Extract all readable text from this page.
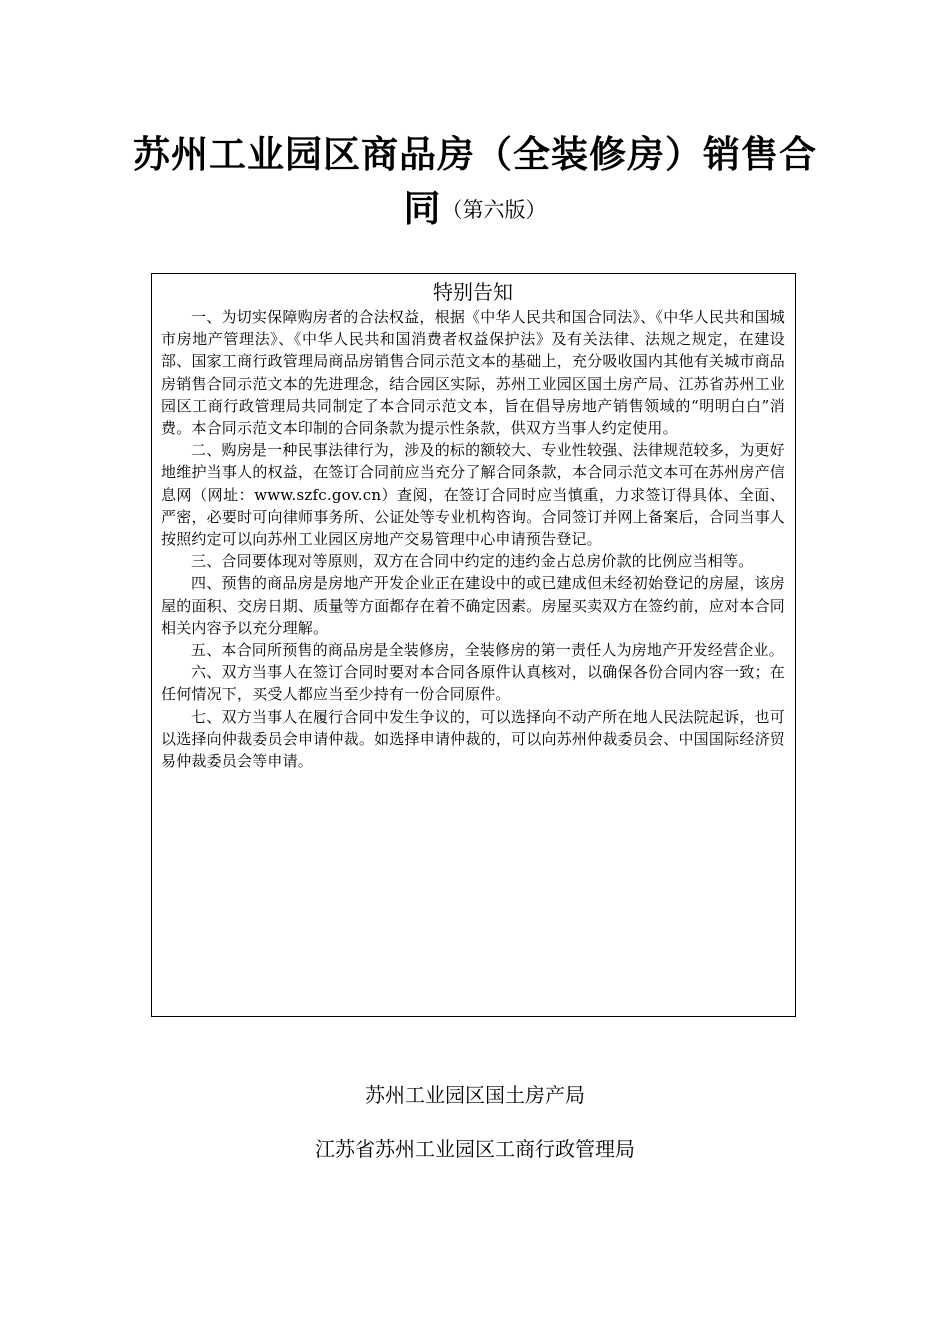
苏州工业园区商品房（全装修房）销售合
同（第六版）
特别告知

一、为切实保障购房者的合法权益，根据《中华人民共和国合同法》、《中华人民共和国城市房地产管理法》、《中华人民共和国消费者权益保护法》及有关法律、法规之规定，在建设部、国家工商行政管理局商品房销售合同示范文本的基础上，充分吸收国内其他有关城市商品房销售合同示范文本的先进理念，结合园区实际，苏州工业园区国土房产局、江苏省苏州工业园区工商行政管理局共同制定了本合同示范文本，旨在倡导房地产销售领域的“明明白白”消费。本合同示范文本印制的合同条款为提示性条款，供双方当事人约定使用。

二、购房是一种民事法律行为，涉及的标的额较大、专业性较强、法律规范较多，为更好地维护当事人的权益，在签订合同前应当充分了解合同条款，本合同示范文本可在苏州房产信息网（网址：www.szfc.gov.cn）查阅，在签订合同时应当慎重，力求签订得具体、全面、严密，必要时可向律师事务所、公证处等专业机构咨询。合同签订并网上备案后，合同当事人按照约定可以向苏州工业园区房地产交易管理中心申请预告登记。

三、合同要体现对等原则，双方在合同中约定的违约金占总房价款的比例应当相等。

四、预售的商品房是房地产开发企业正在建设中的或已建成但未经初始登记的房屋，该房屋的面积、交房日期、质量等方面都存在着不确定因素。房屋买卖双方在签约前，应对本合同相关内容予以充分理解。

五、本合同所预售的商品房是全装修房，全装修房的第一责任人为房地产开发经营企业。

六、双方当事人在签订合同时要对本合同各原件认真核对，以确保各份合同内容一致；在任何情况下，买受人都应当至少持有一份合同原件。

七、双方当事人在履行合同中发生争议的，可以选择向不动产所在地人民法院起诉，也可以选择向仲裁委员会申请仲裁。如选择申请仲裁的，可以向苏州仲裁委员会、中国国际经济贸易仲裁委员会等申请。

苏州工业园区国土房产局
江苏省苏州工业园区工商行政管理局
